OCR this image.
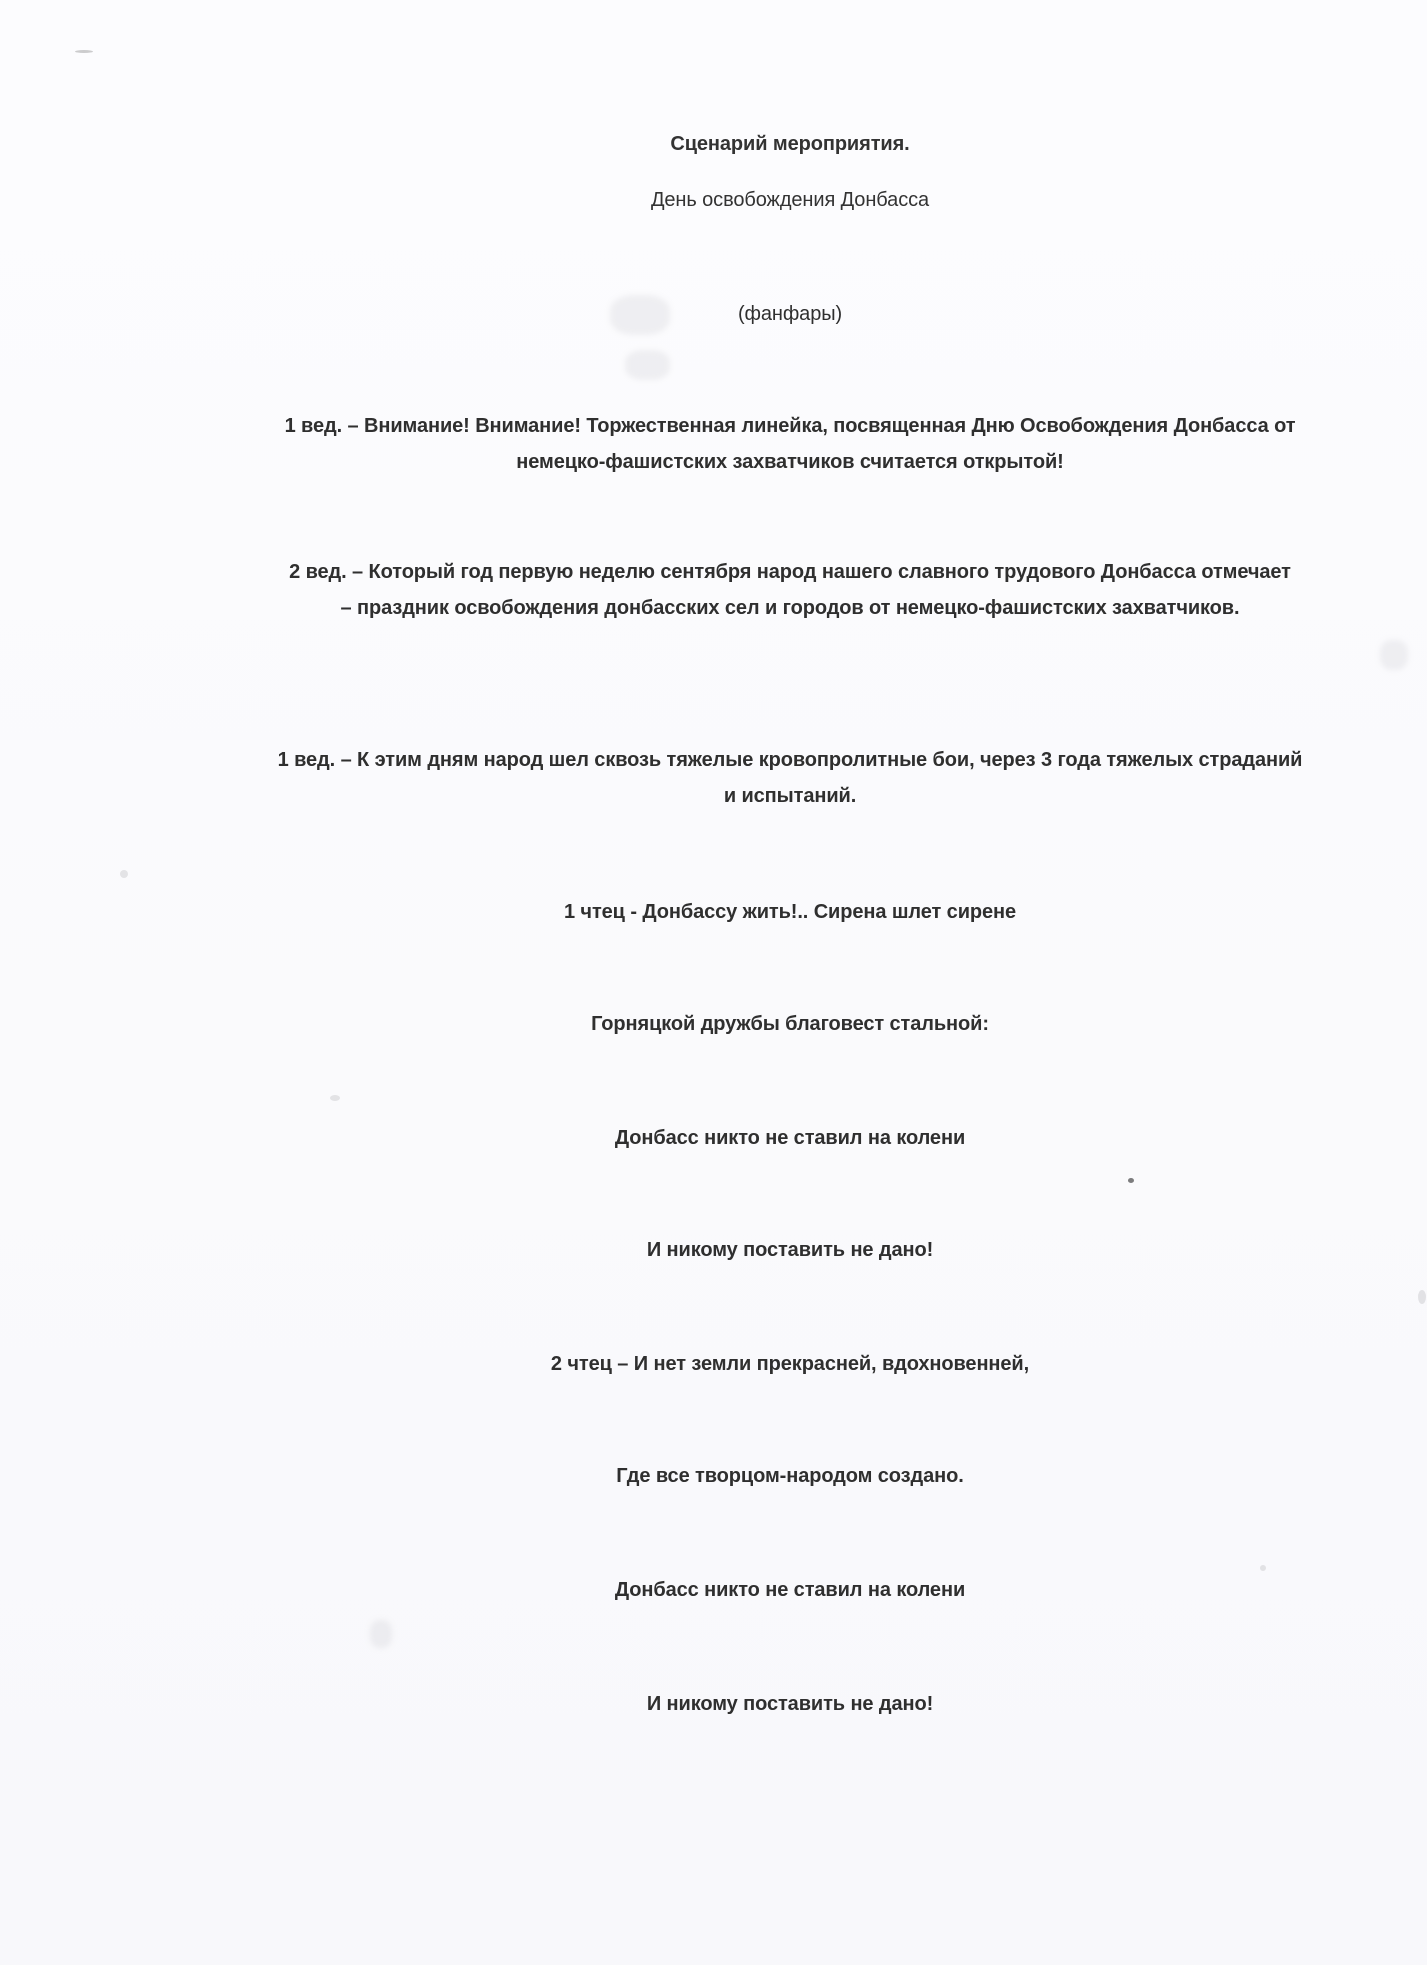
Сценарий мероприятия.
День освобождения Донбасса
(фанфары)
1 вед. – Внимание! Внимание! Торжественная линейка, посвященная Дню Освобождения Донбасса от немецко-фашистских захватчиков считается открытой!
2 вед. – Который год первую неделю сентября народ нашего славного трудового Донбасса отмечает – праздник освобождения донбасских сел и городов от немецко-фашистских захватчиков.
1 вед. – К этим дням народ шел сквозь тяжелые кровопролитные бои, через 3 года тяжелых страданий и испытаний.
1 чтец - Донбассу жить!.. Сирена шлет сирене
Горняцкой дружбы благовест стальной:
Донбасс никто не ставил на колени
И никому поставить не дано!
2 чтец – И нет земли прекрасней, вдохновенней,
Где все творцом-народом создано.
Донбасс никто не ставил на колени
И никому поставить не дано!
